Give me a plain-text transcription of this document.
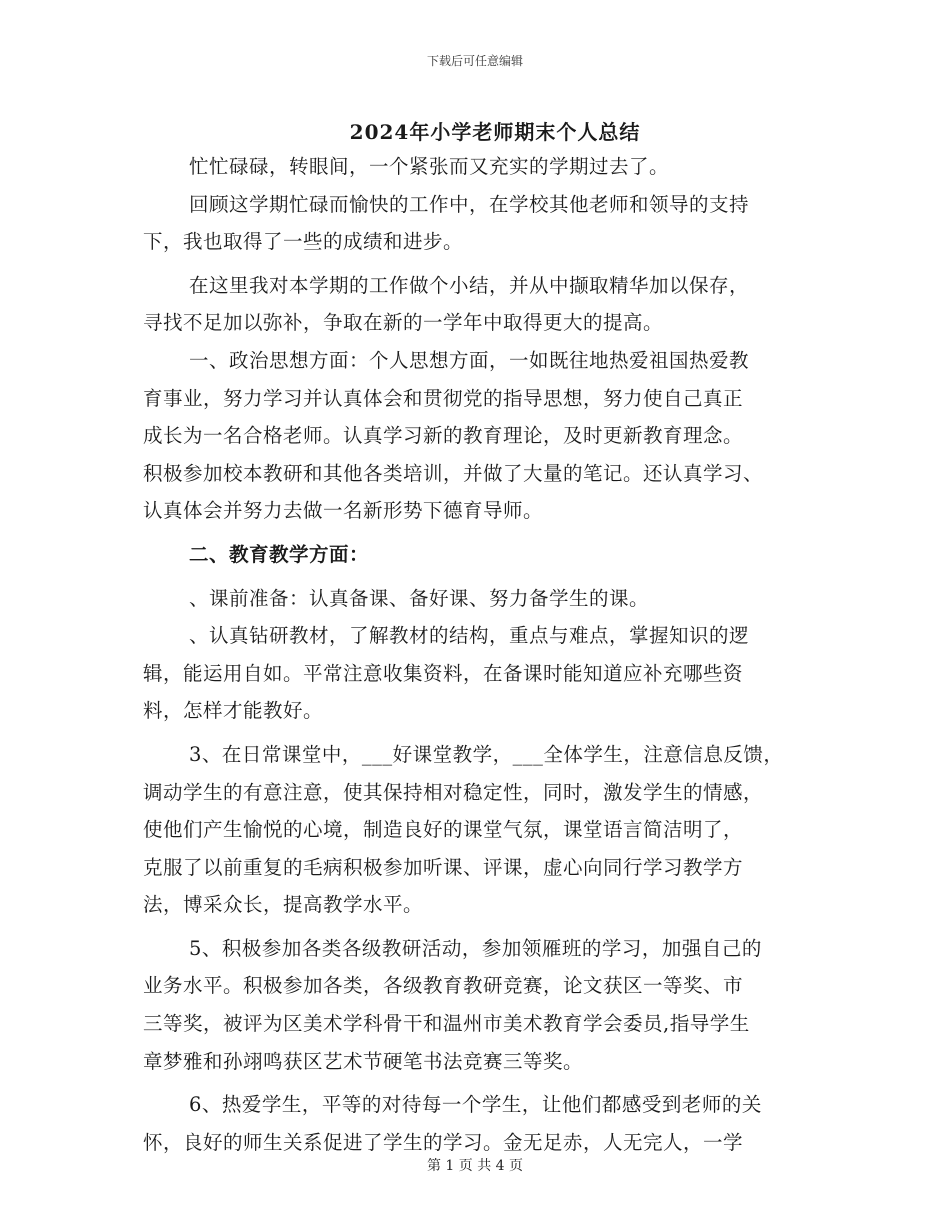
下载后可任意编辑
2024年小学老师期末个人总结
忙忙碌碌，转眼间，一个紧张而又充实的学期过去了。
回顾这学期忙碌而愉快的工作中，在学校其他老师和领导的支持
下，我也取得了一些的成绩和进步。
在这里我对本学期的工作做个小结，并从中撷取精华加以保存，
寻找不足加以弥补，争取在新的一学年中取得更大的提高。
一、政治思想方面：个人思想方面，一如既往地热爱祖国热爱教
育事业，努力学习并认真体会和贯彻党的指导思想，努力使自己真正
成长为一名合格老师。认真学习新的教育理论，及时更新教育理念。
积极参加校本教研和其他各类培训，并做了大量的笔记。还认真学习、
认真体会并努力去做一名新形势下德育导师。
二、教育教学方面：
、课前准备：认真备课、备好课、努力备学生的课。
、认真钻研教材，了解教材的结构，重点与难点，掌握知识的逻
辑，能运用自如。平常注意收集资料，在备课时能知道应补充哪些资
料，怎样才能教好。
3、在日常课堂中，___好课堂教学，___全体学生，注意信息反馈，
调动学生的有意注意，使其保持相对稳定性，同时，激发学生的情感，
使他们产生愉悦的心境，制造良好的课堂气氛，课堂语言简洁明了，
克服了以前重复的毛病积极参加听课、评课，虚心向同行学习教学方
法，博采众长，提高教学水平。
5、积极参加各类各级教研活动，参加领雁班的学习，加强自己的
业务水平。积极参加各类，各级教育教研竞赛，论文获区一等奖、市
三等奖，被评为区美术学科骨干和温州市美术教育学会委员,指导学生
章梦雅和孙翊鸣获区艺术节硬笔书法竞赛三等奖。
6、热爱学生，平等的对待每一个学生，让他们都感受到老师的关
怀，良好的师生关系促进了学生的学习。金无足赤，人无完人，一学
第 1 页 共 4 页
